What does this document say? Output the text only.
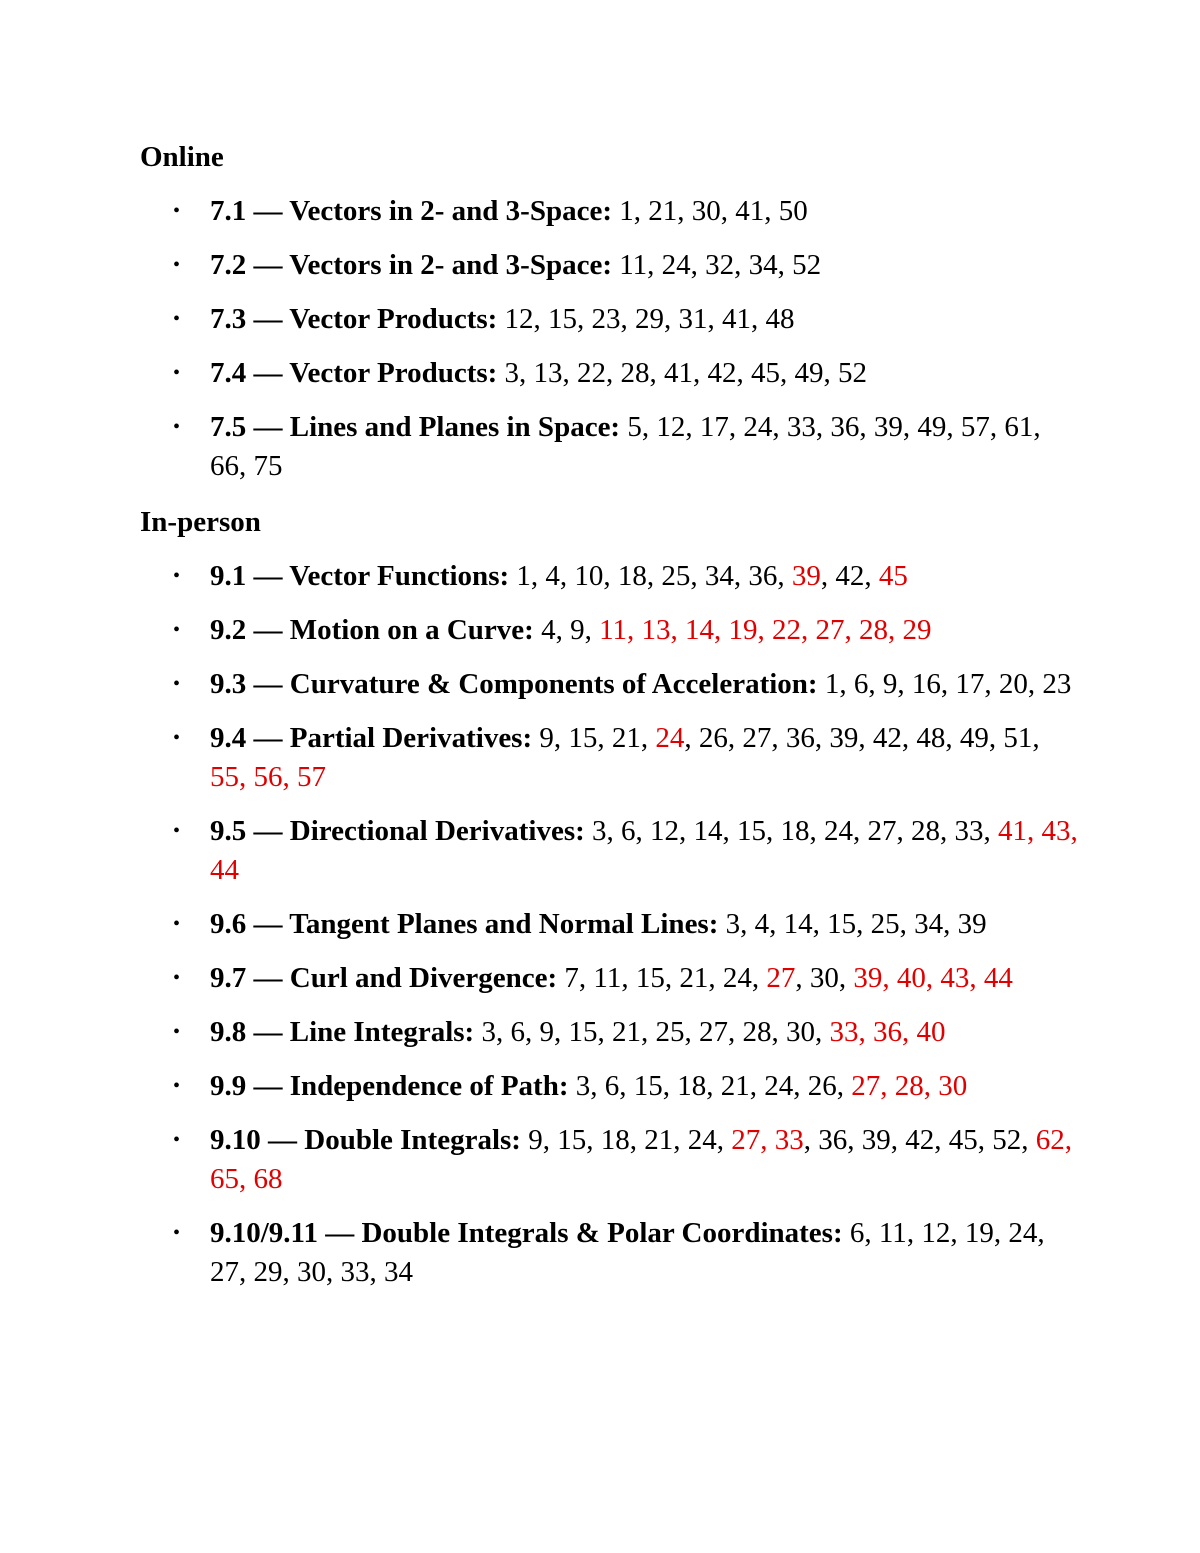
Online
• 7.1 — Vectors in 2- and 3-Space: 1, 21, 30, 41, 50
• 7.2 — Vectors in 2- and 3-Space: 11, 24, 32, 34, 52
• 7.3 — Vector Products: 12, 15, 23, 29, 31, 41, 48
• 7.4 — Vector Products: 3, 13, 22, 28, 41, 42, 45, 49, 52
• 7.5 — Lines and Planes in Space: 5, 12, 17, 24, 33, 36, 39, 49, 57, 61, 66, 75
In-person
• 9.1 — Vector Functions: 1, 4, 10, 18, 25, 34, 36, 39, 42, 45
• 9.2 — Motion on a Curve: 4, 9, 11, 13, 14, 19, 22, 27, 28, 29
• 9.3 — Curvature & Components of Acceleration: 1, 6, 9, 16, 17, 20, 23
• 9.4 — Partial Derivatives: 9, 15, 21, 24, 26, 27, 36, 39, 42, 48, 49, 51, 55, 56, 57
• 9.5 — Directional Derivatives: 3, 6, 12, 14, 15, 18, 24, 27, 28, 33, 41, 43, 44
• 9.6 — Tangent Planes and Normal Lines: 3, 4, 14, 15, 25, 34, 39
• 9.7 — Curl and Divergence: 7, 11, 15, 21, 24, 27, 30, 39, 40, 43, 44
• 9.8 — Line Integrals: 3, 6, 9, 15, 21, 25, 27, 28, 30, 33, 36, 40
• 9.9 — Independence of Path: 3, 6, 15, 18, 21, 24, 26, 27, 28, 30
• 9.10 — Double Integrals: 9, 15, 18, 21, 24, 27, 33, 36, 39, 42, 45, 52, 62, 65, 68
• 9.10/9.11 — Double Integrals & Polar Coordinates: 6, 11, 12, 19, 24, 27, 29, 30, 33, 34
